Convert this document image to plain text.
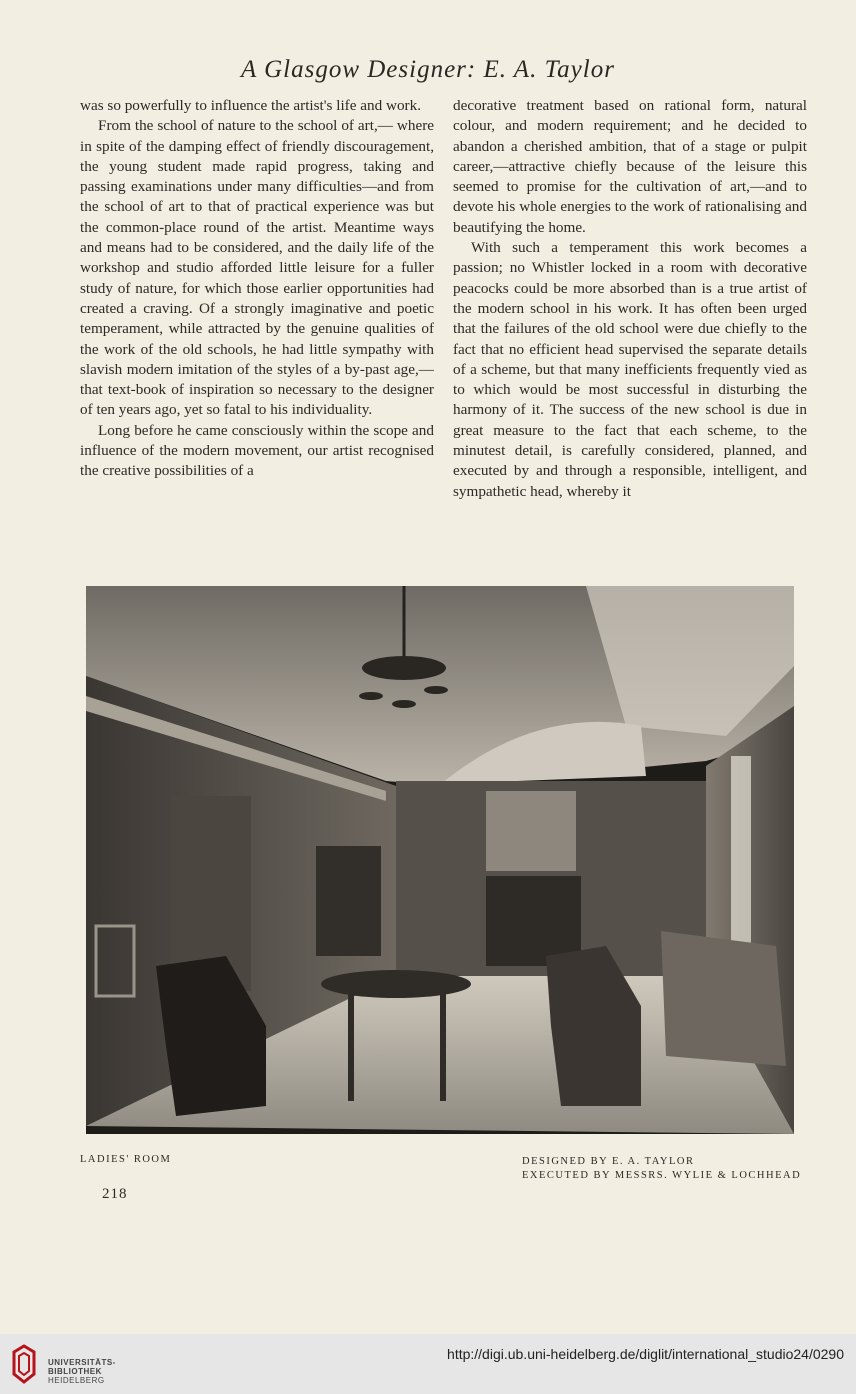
A Glasgow Designer: E. A. Taylor

was so powerfully to influence the artist's life and work.

From the school of nature to the school of art,— where in spite of the damping effect of friendly discouragement, the young student made rapid progress, taking and passing examinations under many difficulties—and from the school of art to that of practical experience was but the common-place round of the artist. Meantime ways and means had to be considered, and the daily life of the workshop and studio afforded little leisure for a fuller study of nature, for which those earlier opportunities had created a craving. Of a strongly imaginative and poetic temperament, while attracted by the genuine qualities of the work of the old schools, he had little sympathy with slavish modern imitation of the styles of a by-past age,—that text-book of inspiration so necessary to the designer of ten years ago, yet so fatal to his individuality.

Long before he came consciously within the scope and influence of the modern movement, our artist recognised the creative possibilities of a

decorative treatment based on rational form, natural colour, and modern requirement; and he decided to abandon a cherished ambition, that of a stage or pulpit career,—attractive chiefly because of the leisure this seemed to promise for the cultivation of art,—and to devote his whole energies to the work of rationalising and beautifying the home.

With such a temperament this work becomes a passion; no Whistler locked in a room with decorative peacocks could be more absorbed than is a true artist of the modern school in his work. It has often been urged that the failures of the old school were due chiefly to the fact that no efficient head supervised the separate details of a scheme, but that many inefficients frequently vied as to which would be most successful in disturbing the harmony of it. The success of the new school is due in great measure to the fact that each scheme, to the minutest detail, is carefully considered, planned, and executed by and through a responsible, intelligent, and sympathetic head, whereby it

LADIES' ROOM	DESIGNED BY E. A. TAYLOR
EXECUTED BY MESSRS. WYLIE & LOCHHEAD
218
UNIVERSITÄTS-
BIBLIOTHEK
HEIDELBERG
http://digi.ub.uni-heidelberg.de/diglit/international_studio24/0290
